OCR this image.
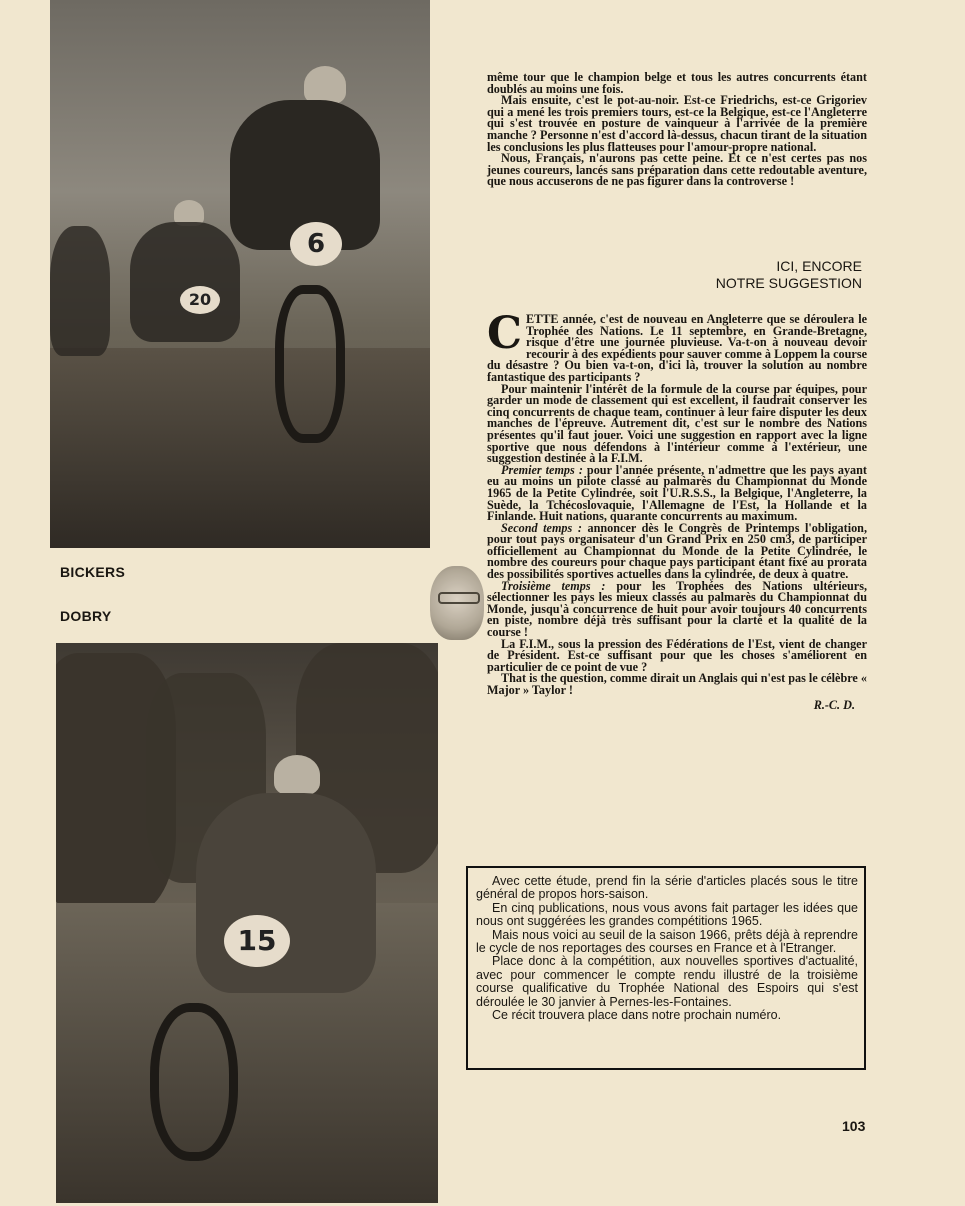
6
20
BICKERS
DOBRY
15

même tour que le champion belge et tous les autres concurrents étant doublés au moins une fois.

Mais ensuite, c'est le pot-au-noir. Est-ce Friedrichs, est-ce Grigoriev qui a mené les trois premiers tours, est-ce la Belgique, est-ce l'Angleterre qui s'est trouvée en posture de vainqueur à l'arrivée de la première manche ? Personne n'est d'accord là-dessus, chacun tirant de la situation les conclusions les plus flatteuses pour l'amour-propre national.

Nous, Français, n'aurons pas cette peine. Et ce n'est certes pas nos jeunes coureurs, lancés sans préparation dans cette redoutable aventure, que nous accuserons de ne pas figurer dans la controverse !

ICI, ENCORE
NOTRE SUGGESTION

CETTE année, c'est de nouveau en Angleterre que se déroulera le Trophée des Nations. Le 11 septembre, en Grande-Bretagne, risque d'être une journée pluvieuse. Va-t-on à nouveau devoir recourir à des expédients pour sauver comme à Loppem la course du désastre ? Ou bien va-t-on, d'ici là, trouver la solution au nombre fantastique des participants ?

Pour maintenir l'intérêt de la formule de la course par équipes, pour garder un mode de classement qui est excellent, il faudrait conserver les cinq concurrents de chaque team, continuer à leur faire disputer les deux manches de l'épreuve. Autrement dit, c'est sur le nombre des Nations présentes qu'il faut jouer. Voici une suggestion en rapport avec la ligne sportive que nous défendons à l'intérieur comme à l'extérieur, une suggestion destinée à la F.I.M.

Premier temps : pour l'année présente, n'admettre que les pays ayant eu au moins un pilote classé au palmarès du Championnat du Monde 1965 de la Petite Cylindrée, soit l'U.R.S.S., la Belgique, l'Angleterre, la Suède, la Tchécoslovaquie, l'Allemagne de l'Est, la Hollande et la Finlande. Huit nations, quarante concurrents au maximum.

Second temps : annoncer dès le Congrès de Printemps l'obligation, pour tout pays organisateur d'un Grand Prix en 250 cm3, de participer officiellement au Championnat du Monde de la Petite Cylindrée, le nombre des coureurs pour chaque pays participant étant fixé au prorata des possibilités sportives actuelles dans la cylindrée, de deux à quatre.

Troisième temps : pour les Trophées des Nations ultérieurs, sélectionner les pays les mieux classés au palmarès du Championnat du Monde, jusqu'à concurrence de huit pour avoir toujours 40 concurrents en piste, nombre déjà très suffisant pour la clarté et la qualité de la course !

La F.I.M., sous la pression des Fédérations de l'Est, vient de changer de Président. Est-ce suffisant pour que les choses s'améliorent en particulier de ce point de vue ?

That is the question, comme dirait un Anglais qui n'est pas le célèbre « Major » Taylor !

R.-C. D.

Avec cette étude, prend fin la série d'articles placés sous le titre général de propos hors-saison.

En cinq publications, nous vous avons fait partager les idées que nous ont suggérées les grandes compétitions 1965.

Mais nous voici au seuil de la saison 1966, prêts déjà à reprendre le cycle de nos reportages des courses en France et à l'Etranger.

Place donc à la compétition, aux nouvelles sportives d'actualité, avec pour commencer le compte rendu illustré de la troisième course qualificative du Trophée National des Espoirs qui s'est déroulée le 30 janvier à Pernes-les-Fontaines.

Ce récit trouvera place dans notre prochain numéro.

103
